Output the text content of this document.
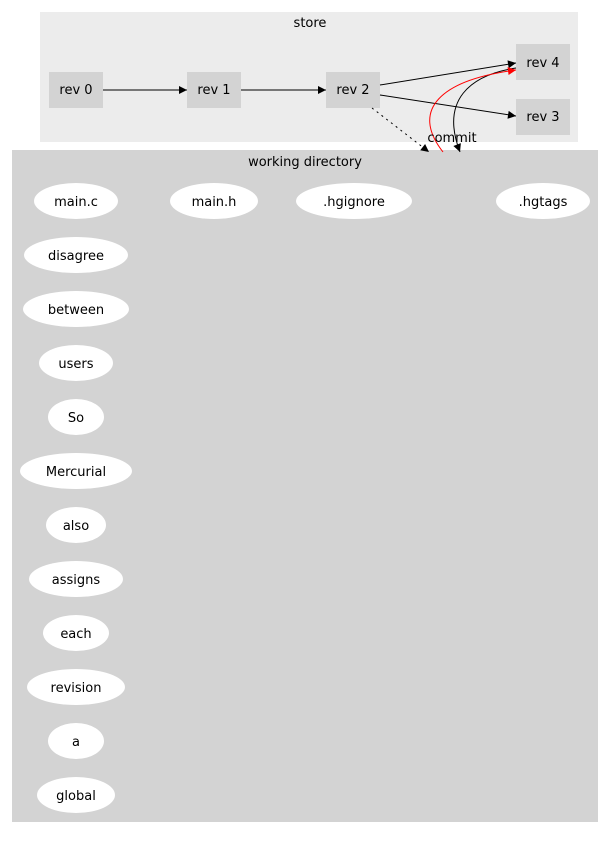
store
working directory
rev 0	rev 1	rev 2
rev 4
rev 3
commit
main.c	main.h	.hgignore	.hgtags
disagree
between
users
So
Mercurial
also
assigns
each
revision
a
global
